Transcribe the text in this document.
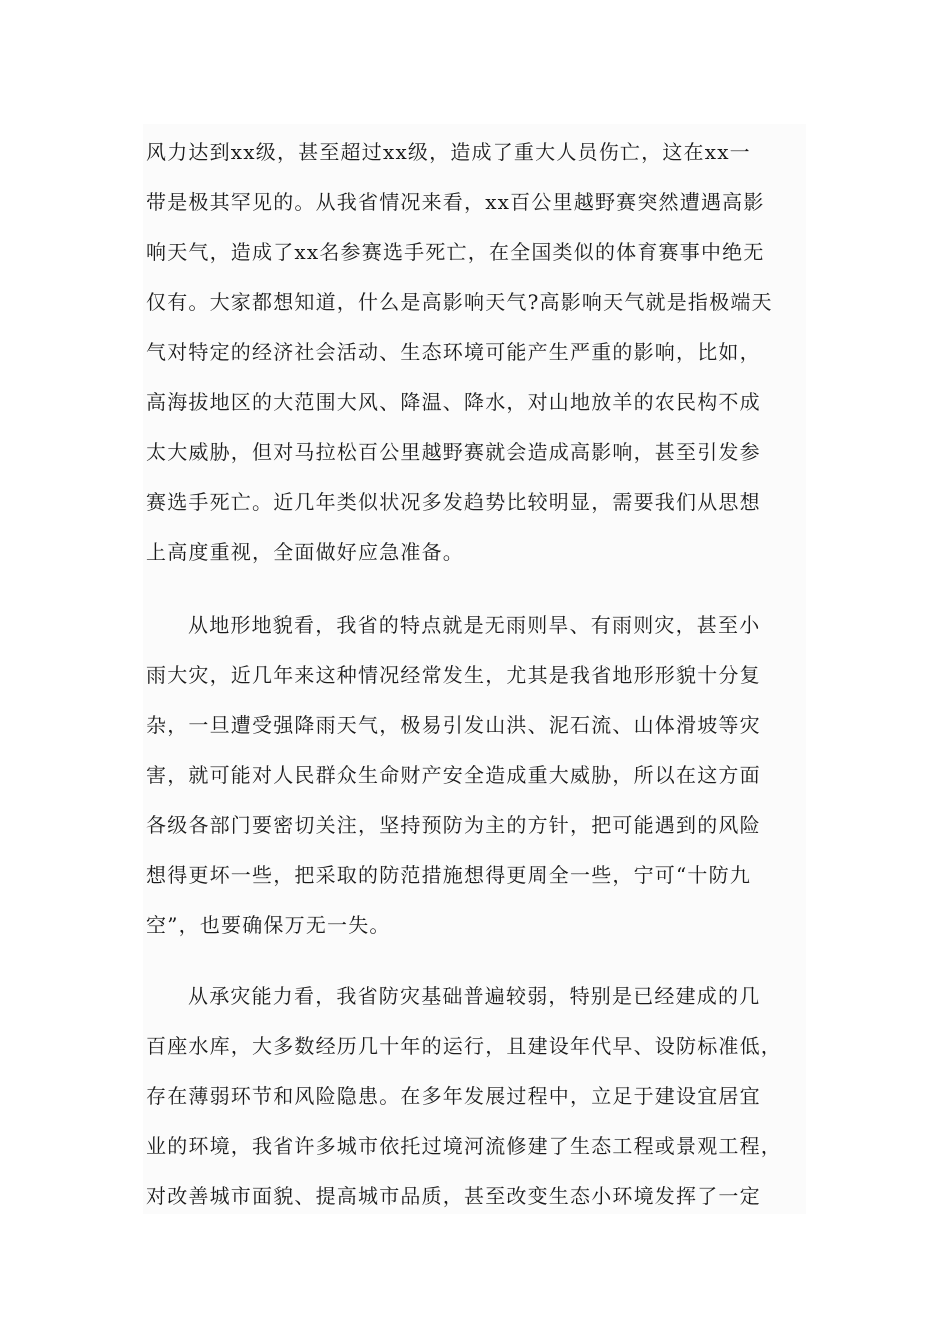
风力达到xx级，甚至超过xx级，造成了重大人员伤亡，这在xx一
带是极其罕见的。从我省情况来看，xx百公里越野赛突然遭遇高影
响天气，造成了xx名参赛选手死亡，在全国类似的体育赛事中绝无
仅有。大家都想知道，什么是高影响天气?高影响天气就是指极端天
气对特定的经济社会活动、生态环境可能产生严重的影响，比如，
高海拔地区的大范围大风、降温、降水，对山地放羊的农民构不成
太大威胁，但对马拉松百公里越野赛就会造成高影响，甚至引发参
赛选手死亡。近几年类似状况多发趋势比较明显，需要我们从思想
上高度重视，全面做好应急准备。
从地形地貌看，我省的特点就是无雨则旱、有雨则灾，甚至小
雨大灾，近几年来这种情况经常发生，尤其是我省地形形貌十分复
杂，一旦遭受强降雨天气，极易引发山洪、泥石流、山体滑坡等灾
害，就可能对人民群众生命财产安全造成重大威胁，所以在这方面
各级各部门要密切关注，坚持预防为主的方针，把可能遇到的风险
想得更坏一些，把采取的防范措施想得更周全一些，宁可“十防九
空”，也要确保万无一失。
从承灾能力看，我省防灾基础普遍较弱，特别是已经建成的几
百座水库，大多数经历几十年的运行，且建设年代早、设防标准低，
存在薄弱环节和风险隐患。在多年发展过程中，立足于建设宜居宜
业的环境，我省许多城市依托过境河流修建了生态工程或景观工程，
对改善城市面貌、提高城市品质，甚至改变生态小环境发挥了一定
